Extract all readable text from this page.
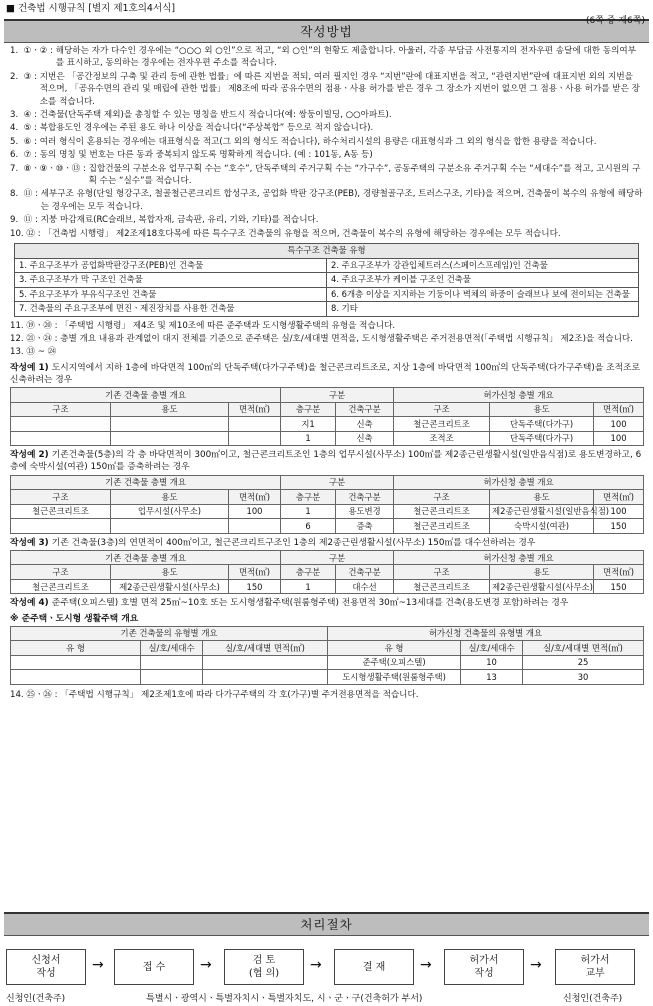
■ 건축법 시행규칙 [별지 제1호의4서식]
(6쪽 중 제6쪽)
작성방법
1.  ①ㆍ② :
해당하는 자가 다수인 경우에는 “○○○ 외 ○인”으로 적고, “외 ○인”의 현황도 제출합니다. 아울러, 각종 부담금 사전통지의 전자우편 송달에 대한 동의여부를 표시하고, 동의하는 경우에는 전자우편 주소를 적습니다.
2.  ③ :
지번은 「공간정보의 구축 및 관리 등에 관한 법률」에 따른 지번을 적되, 여러 필지인 경우 “지번”란에 대표지번을 적고, “관련지번”란에 대표지번 외의 지번을 적으며, 「공유수면의 관리 및 매립에 관한 법률」 제8조에 따라 공유수면의 점용ㆍ사용 허가를 받은 경우 그 장소가 지번이 없으면 그 점용ㆍ사용 허가를 받은 장소를 적습니다.
3.  ④ :
건축물(단독주택 제외)을 총칭할 수 있는 명칭을 반드시 적습니다(예: 쌍둥이빌딩, ○○아파트).
4.  ⑤ :
복합용도인 경우에는 주된 용도 하나 이상을 적습니다(“주상복합” 등으로 적지 않습니다).
5.  ⑥ :
여러 형식이 혼용되는 경우에는 대표형식을 적고(그 외의 형식도 적습니다), 하수처리시설의 용량은 대표형식과 그 외의 형식을 합한 용량을 적습니다.
6.  ⑦ :
동의 명칭 및 번호는 다른 동과 중복되지 않도록 명확하게 적습니다. (예 : 101동, A동 등)
7.  ⑧ㆍ⑨ㆍ⑩ㆍ⑬ :
집합건물의 구분소유 업무구획 수는 “호수”, 단독주택의 주거구획 수는 “가구수”, 공동주택의 구분소유 주거구획 수는 “세대수”를 적고, 고시원의 구획 수는 “실수”를 적습니다.
8.  ⑪ :
세부구조 유형(단일 형강구조, 철골철근콘크리트 합성구조, 공업화 박판 강구조(PEB), 경량철골구조, 트러스구조, 기타)을 적으며, 건축물이 복수의 유형에 해당하는 경우에는 모두 적습니다.
9.  ⑪ :
지붕 마감재료(RC슬래브, 복합자재, 금속판, 유리, 기와, 기타)를 적습니다.
10. ⑫ :
「건축법 시행령」 제2조제18호다목에 따른 특수구조 건축물의 유형을 적으며, 건축물이 복수의 유형에 해당하는 경우에는 모두 적습니다.
특수구조 건축물 유형	
1. 주요구조부가 공업화박판강구조(PEB)인 건축물	2. 주요구조부가 강관입체트러스(스페이스프레임)인 건축물
3. 주요구조부가 막 구조인 건축물	4. 주요구조부가 케이블 구조인 건축물
5. 주요구조부가 부유식구조인 건축물	6. 6개층 이상을 지지하는 기둥이나 벽체의 하중이 슬래브나 보에 전이되는 건축물
7. 건축물의 주요구조부에 면진ㆍ제진장치를 사용한 건축물	8. 기타
11. ⑲ㆍ⑳ :
「주택법 시행령」 제4조 및 제10조에 따른 준주택과 도시형생활주택의 유형을 적습니다.
12. ㉑ㆍ㉔ :
층별 개요 내용과 관계없이 대지 전체를 기준으로 준주택은 실/호/세대별 면적을, 도시형생활주택은 주거전용면적(「주택법 시행규칙」 제2조)을 적습니다.
13. ⑬ ~ ㉔

작성예 1) 도시지역에서 지하 1층에 바닥면적 100㎡의 단독주택(다가구주택)을 철근콘크리트조로, 지상 1층에 바닥면적 100㎡의 단독주택(다가구주택)을 조적조로 신축하려는 경우
기존 건축물 층별 개요			구분		허가신청 층별 개요		
구조	용도	면적(㎡)	층구분	건축구분	구조	용도	면적(㎡)
			지1	신축	철근콘크리트조	단독주택(다가구)	100
			1	신축	조적조	단독주택(다가구)	100
작성예 2) 기존건축물(5층)의 각 층 바닥면적이 300㎡이고, 철근콘크리트조인 1층의 업무시설(사무소) 100㎡를 제2종근린생활시설(일반음식점)로 용도변경하고, 6층에 숙박시설(여관) 150㎡를 증축하려는 경우
기존 건축물 층별 개요			구분		허가신청 층별 개요		
구조	용도	면적(㎡)	층구분	건축구분	구조	용도	면적(㎡)
철근콘크리트조	업무시설(사무소)	100	1	용도변경	철근콘크리트조	제2종근린생활시설(일반음식점)	100
			6	증축	철근콘크리트조	숙박시설(여관)	150
작성예 3) 기존 건축물(3층)의 연면적이 400㎡이고, 철근콘크리트구조인 1층의 제2종근린생활시설(사무소) 150㎡를 대수선하려는 경우
기존 건축물 층별 개요			구분		허가신청 층별 개요		
구조	용도	면적(㎡)	층구분	건축구분	구조	용도	면적(㎡)
철근콘크리트조	제2종근린생활시설(사무소)	150	1	대수선	철근콘크리트조	제2종근린생활시설(사무소)	150
작성예 4) 준주택(오피스텔) 호별 면적 25㎡~10호 또는 도시형생활주택(원룸형주택) 전용면적 30㎡~13세대를 건축(용도변경 포함)하려는 경우
※ 준주택ㆍ도시형 생활주택 개요
기존 건축물의 유형별 개요			허가신청 건축물의 유형별 개요		
유 형	실/호/세대수	실/호/세대별 면적(㎡)	유 형	실/호/세대수	실/호/세대별 면적(㎡)
			준주택(오피스텔)	10	25
			도시형생활주택(원룸형주택)	13	30
14. ㉕ㆍ㉖ :
「주택법 시행규칙」 제2조제1호에 따라 다가구주택의 각 호(가구)별 주거전용면적을 적습니다.
처리절차
신청서
작성
→	접 수	→	검 토
(협 의)
→	결 재	→	허가서
작성
→	허가서
교부
신청인(건축주)	특별시ㆍ광역시ㆍ특별자치시ㆍ특별자치도, 시ㆍ군ㆍ구(건축허가 부서)	신청인(건축주)
